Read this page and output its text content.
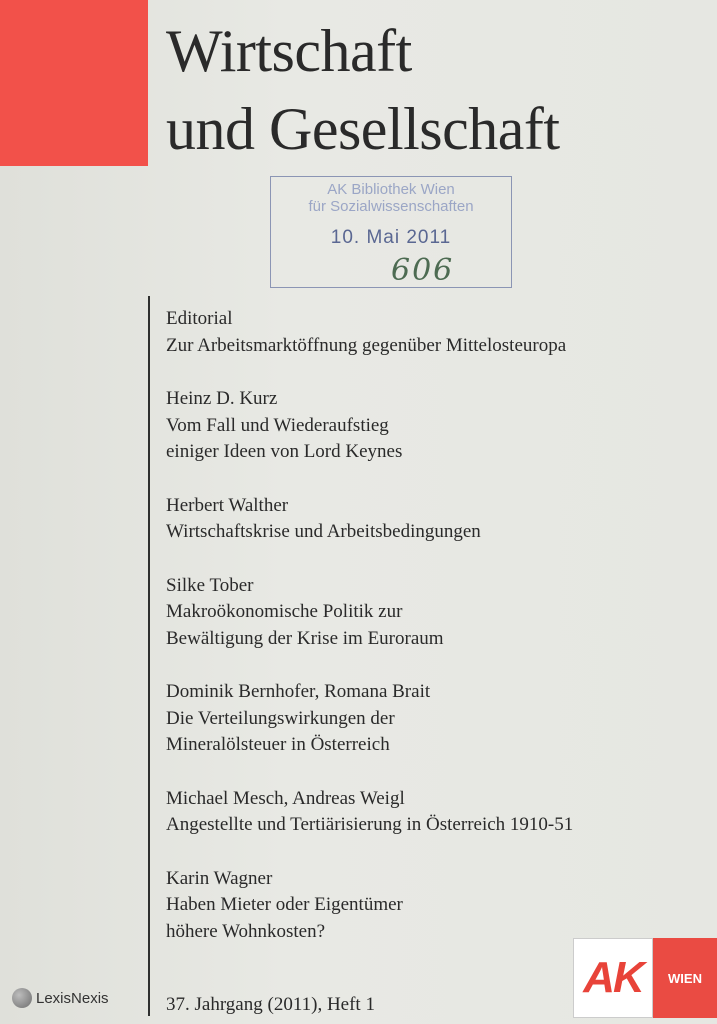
Wirtschaft
und Gesellschaft
AK Bibliothek Wien
für Sozialwissenschaften
10. Mai 2011
606
Editorial
Zur Arbeitsmarktöffnung gegenüber Mittelosteuropa
Heinz D. Kurz
Vom Fall und Wiederaufstieg
einiger Ideen von Lord Keynes
Herbert Walther
Wirtschaftskrise und Arbeitsbedingungen
Silke Tober
Makroökonomische Politik zur
Bewältigung der Krise im Euroraum
Dominik Bernhofer, Romana Brait
Die Verteilungswirkungen der
Mineralölsteuer in Österreich
Michael Mesch, Andreas Weigl
Angestellte und Tertiärisierung in Österreich 1910-51
Karin Wagner
Haben Mieter oder Eigentümer
höhere Wohnkosten?
LexisNexis	37. Jahrgang (2011), Heft 1
AK WIEN
